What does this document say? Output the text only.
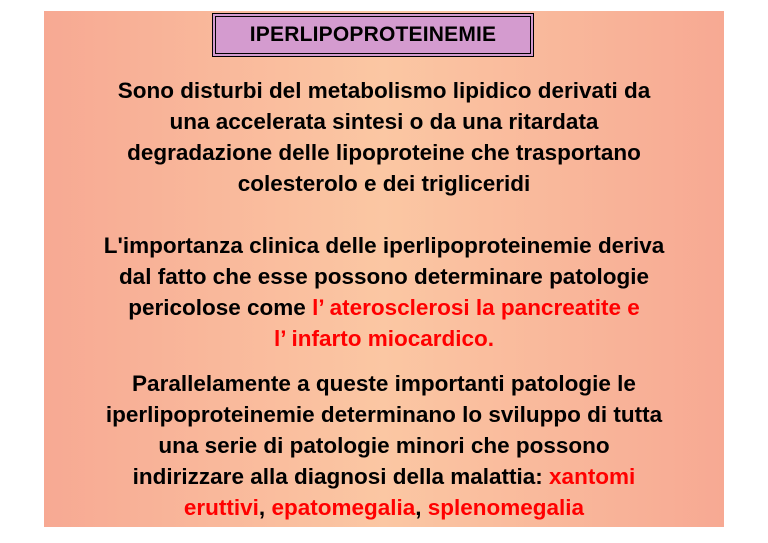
IPERLIPOPROTEINEMIE
Sono disturbi del metabolismo lipidico derivati da
una accelerata sintesi o da una ritardata
degradazione delle lipoproteine che trasportano
colesterolo e dei trigliceridi
L'importanza clinica delle iperlipoproteinemie deriva
dal fatto che esse possono determinare patologie
pericolose come l’ aterosclerosi la pancreatite e
l’ infarto miocardico.
Parallelamente a queste importanti patologie le
iperlipoproteinemie determinano lo sviluppo di tutta
una serie di patologie minori che possono
indirizzare alla diagnosi della malattia: xantomi
eruttivi, epatomegalia, splenomegalia
